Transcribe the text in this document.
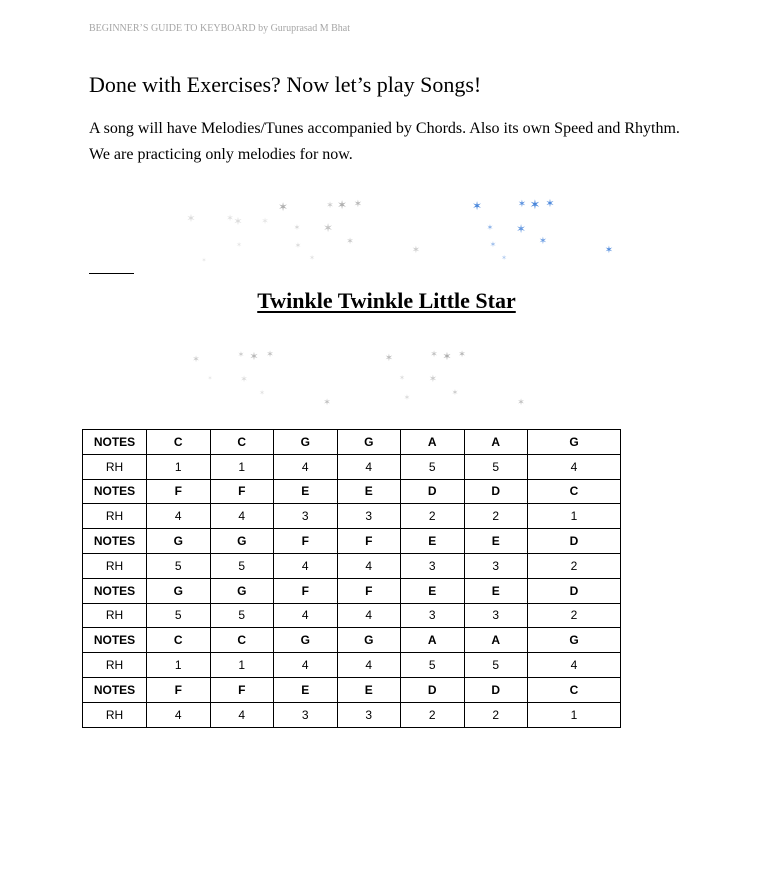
BEGINNER’S GUIDE TO KEYBOARD by Guruprasad M Bhat
Done with Exercises? Now let’s play Songs!

A song will have Melodies/Tunes accompanied by Chords. Also its own Speed and Rhythm. We are practicing only melodies for now.

✶	✶ ✶ ✶
✶	✶ ✶ ✶
✶
✶
✶
✶
✶	✶
✶
✶
✶	✶ ✶ ✶
✶
✶
✶
✶
✶
✶
✶
✶ ✶ ✶
✶
✶
✶
✶
✶	✶ ✶ ✶
✶
✶
✶
✶
✶
Twinkle Twinkle Little Star
NOTES	C	C	G	G	A	A	G
RH	1	1	4	4	5	5	4
NOTES	F	F	E	E	D	D	C
RH	4	4	3	3	2	2	1
NOTES	G	G	F	F	E	E	D
RH	5	5	4	4	3	3	2
NOTES	G	G	F	F	E	E	D
RH	5	5	4	4	3	3	2
NOTES	C	C	G	G	A	A	G
RH	1	1	4	4	5	5	4
NOTES	F	F	E	E	D	D	C
RH	4	4	3	3	2	2	1
